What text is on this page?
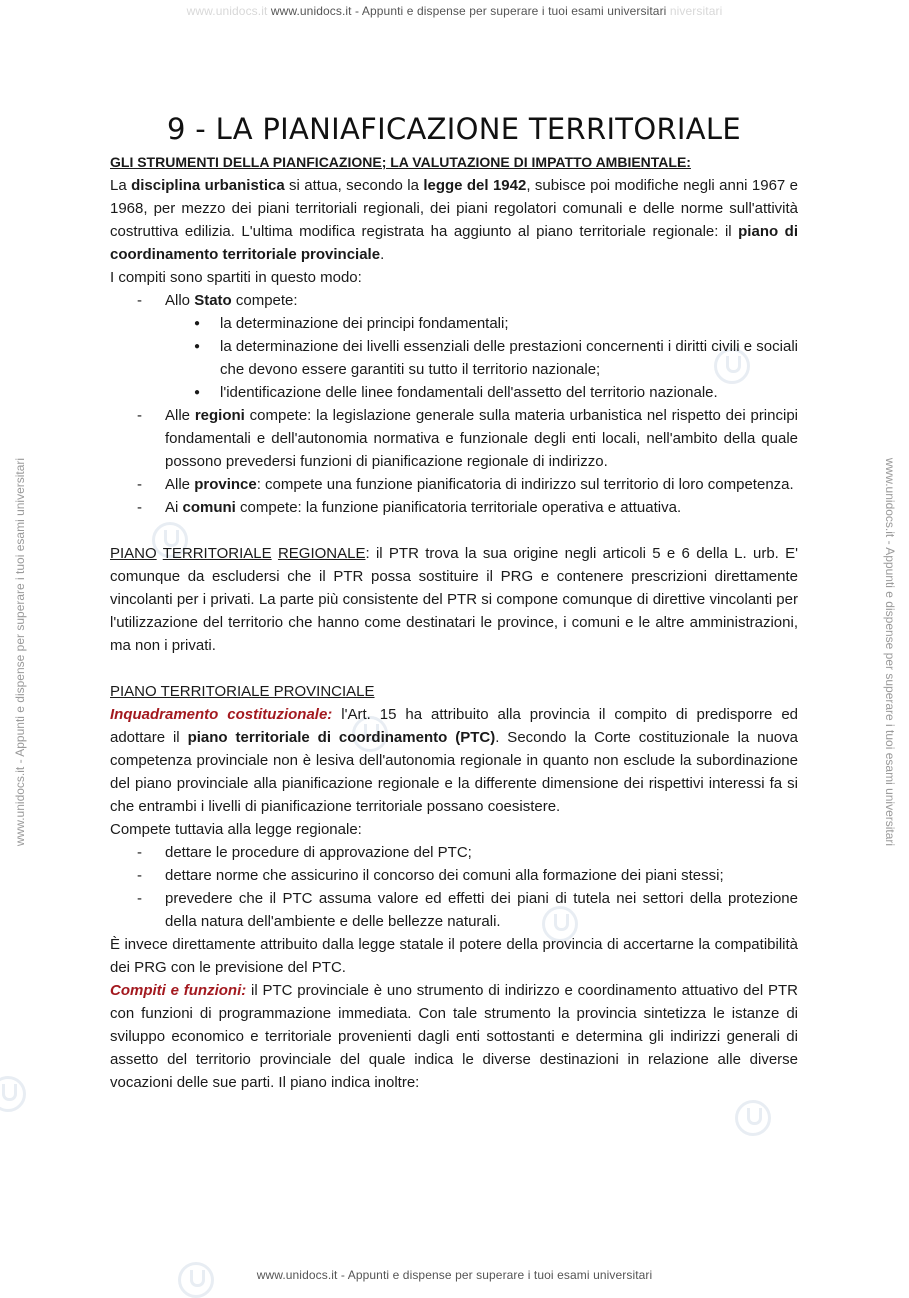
www.unidocs.it www.unidocs.it - Appunti e dispense per superare i tuoi esami universitari niversitari
www.unidocs.it - Appunti e dispense per superare i tuoi esami universitari	www.unidocs.it - Appunti e dispense per superare i tuoi esami universitari
www.unidocs.it - Appunti e dispense per superare i tuoi esami universitari
9 - LA PIANIAFICAZIONE TERRITORIALE
GLI STRUMENTI DELLA PIANFICAZIONE; LA VALUTAZIONE DI IMPATTO AMBIENTALE:

La disciplina urbanistica si attua, secondo la legge del 1942, subisce poi modifiche negli anni 1967 e 1968, per mezzo dei piani territoriali regionali, dei piani regolatori comunali e delle norme sull'attività costruttiva edilizia. L'ultima modifica registrata ha aggiunto al piano territoriale regionale: il piano di coordinamento territoriale provinciale.

I compiti sono spartiti in questo modo:

- Allo Stato compete:
● la determinazione dei principi fondamentali;
● la determinazione dei livelli essenziali delle prestazioni concernenti i diritti civili e sociali che devono essere garantiti su tutto il territorio nazionale;
● l'identificazione delle linee fondamentali dell'assetto del territorio nazionale.
- Alle regioni compete: la legislazione generale sulla materia urbanistica nel rispetto dei principi fondamentali e dell'autonomia normativa e funzionale degli enti locali, nell'ambito della quale possono prevedersi funzioni di pianificazione regionale di indirizzo.
- Alle province: compete una funzione pianificatoria di indirizzo sul territorio di loro competenza.
- Ai comuni compete: la funzione pianificatoria territoriale operativa e attuativa.

PIANO TERRITORIALE REGIONALE: il PTR trova la sua origine negli articoli 5 e 6 della L. urb. E' comunque da escludersi che il PTR possa sostituire il PRG e contenere prescrizioni direttamente vincolanti per i privati. La parte più consistente del PTR si compone comunque di direttive vincolanti per l'utilizzazione del territorio che hanno come destinatari le province, i comuni e le altre amministrazioni, ma non i privati.

PIANO TERRITORIALE PROVINCIALE

Inquadramento costituzionale: l'Art. 15 ha attribuito alla provincia il compito di predisporre ed adottare il piano territoriale di coordinamento (PTC). Secondo la Corte costituzionale la nuova competenza provinciale non è lesiva dell'autonomia regionale in quanto non esclude la subordinazione del piano provinciale alla pianificazione regionale e la differente dimensione dei rispettivi interessi fa si che entrambi i livelli di pianificazione territoriale possano coesistere.

Compete tuttavia alla legge regionale:

- dettare le procedure di approvazione del PTC;
- dettare norme che assicurino il concorso dei comuni alla formazione dei piani stessi;
- prevedere che il PTC assuma valore ed effetti dei piani di tutela nei settori della protezione della natura dell'ambiente e delle bellezze naturali.

È invece direttamente attribuito dalla legge statale il potere della provincia di accertarne la compatibilità dei PRG con le previsione del PTC.

Compiti e funzioni: il PTC provinciale è uno strumento di indirizzo e coordinamento attuativo del PTR con funzioni di programmazione immediata. Con tale strumento la provincia sintetizza le istanze di sviluppo economico e territoriale provenienti dagli enti sottostanti e determina gli indirizzi generali di assetto del territorio provinciale del quale indica le diverse destinazioni in relazione alle diverse vocazioni delle sue parti. Il piano indica inoltre:
